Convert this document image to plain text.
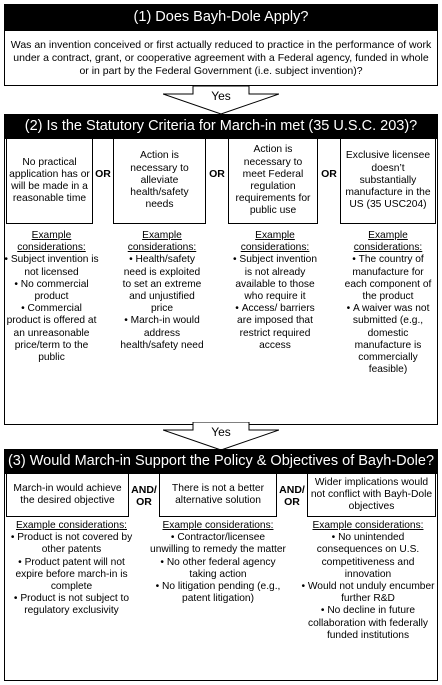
(1) Does Bayh-Dole Apply?
Was an invention conceived or first actually reduced to practice in the performance of work under a contract, grant, or cooperative agreement with a Federal agency, funded in whole or in part by the Federal Government (i.e. subject invention)?
Yes
(2) Is the Statutory Criteria for March-in met (35 U.S.C. 203)?
No practical application has or will be made in a reasonable time
OR
Action is necessary to alleviate health/safety needs
OR
Action is necessary to meet Federal regulation requirements for public use
OR
Exclusive licensee doesn’t substantially manufacture in the US (35 USC204)
Example considerations:
• Subject invention is not licensed
• No commercial product
• Commercial product is offered at an unreasonable price/term to the public
Example considerations:
• Health/safety need is exploited to set an extreme and unjustified price
• March-in would address health/safety need
Example considerations:
• Subject invention is not already available to those who require it
• Access/ barriers are imposed that restrict required access
Example considerations:
• The country of manufacture for each component of the product
• A waiver was not submitted (e.g., domestic manufacture is commercially feasible)
Yes
(3) Would March-in Support the Policy & Objectives of Bayh-Dole?
March-in would achieve the desired objective
AND/ OR
There is not a better alternative solution
AND/ OR
Wider implications would not conflict with Bayh-Dole objectives
Example considerations:
• Product is not covered by other patents
• Product patent will not expire before march-in is complete
• Product is not subject to regulatory exclusivity
Example considerations:
• Contractor/licensee unwilling to remedy the matter
• No other federal agency taking action
• No litigation pending (e.g., patent litigation)
Example considerations:
• No unintended consequences on U.S. competitiveness and innovation
• Would not unduly encumber further R&D
• No decline in future collaboration with federally funded institutions
